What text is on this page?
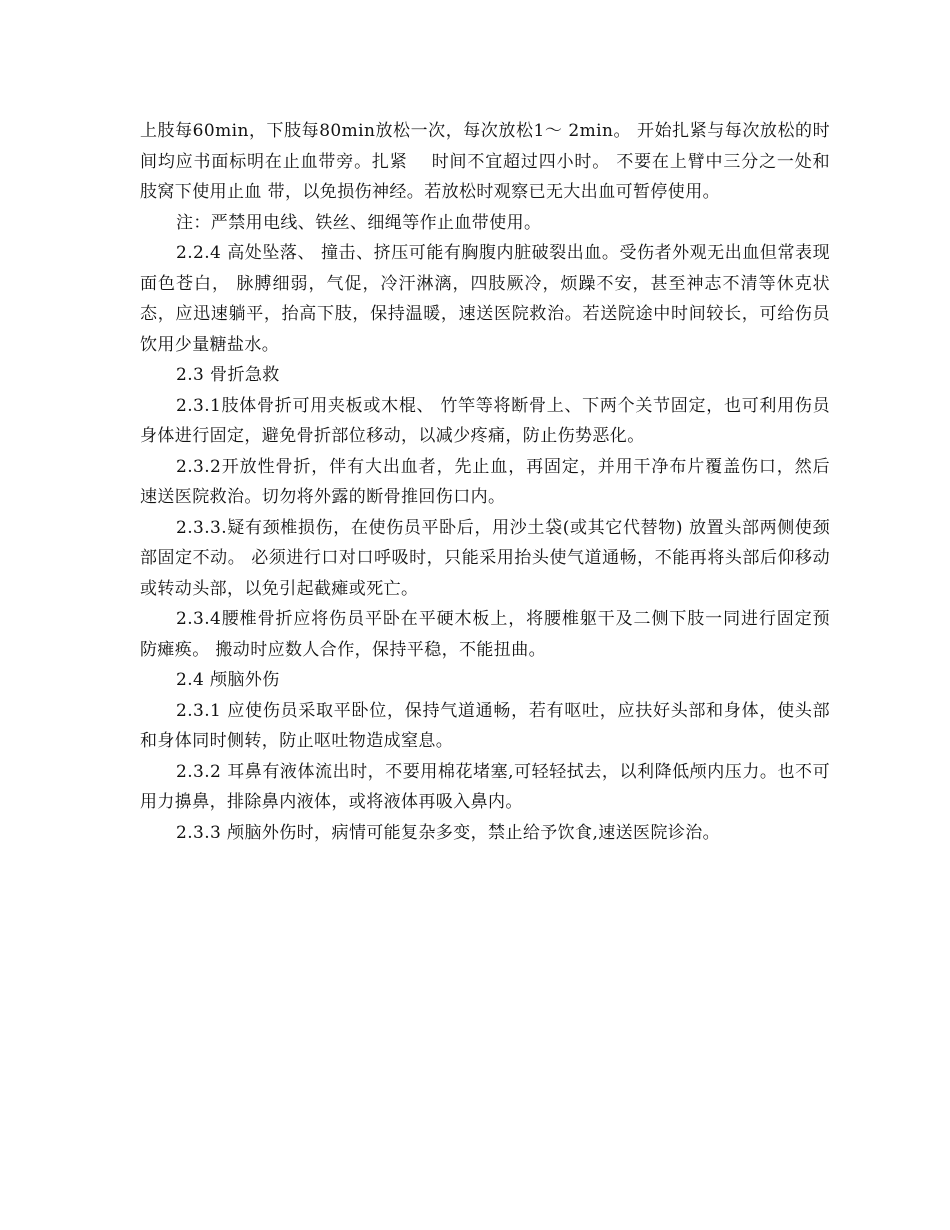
上肢每60min，下肢每80min放松一次，每次放松1～ 2min。 开始扎紧与每次放松的时间均应书面标明在止血带旁。扎紧 　时间不宜超过四小时。 不要在上臂中三分之一处和肢窝下使用止血 带，以免损伤神经。若放松时观察已无大出血可暂停使用。

注：严禁用电线、铁丝、细绳等作止血带使用。

2.2.4 高处坠落、 撞击、挤压可能有胸腹内脏破裂出血。受伤者外观无出血但常表现面色苍白， 脉膊细弱，气促，冷汗淋漓，四肢厥冷，烦躁不安，甚至神志不清等休克状态，应迅速躺平，抬高下肢，保持温暖，速送医院救治。若送院途中时间较长，可给伤员饮用少量糖盐水。

2.3 骨折急救

2.3.1肢体骨折可用夹板或木棍、 竹竿等将断骨上、下两个关节固定，也可利用伤员身体进行固定，避免骨折部位移动，以减少疼痛，防止伤势恶化。

2.3.2开放性骨折，伴有大出血者，先止血，再固定，并用干净布片覆盖伤口，然后速送医院救治。切勿将外露的断骨推回伤口内。

2.3.3.疑有颈椎损伤，在使伤员平卧后，用沙土袋(或其它代替物) 放置头部两侧使颈部固定不动。 必须进行口对口呼吸时，只能采用抬头使气道通畅，不能再将头部后仰移动或转动头部，以免引起截瘫或死亡。

2.3.4腰椎骨折应将伤员平卧在平硬木板上，将腰椎躯干及二侧下肢一同进行固定预防瘫痪。 搬动时应数人合作，保持平稳，不能扭曲。

2.4 颅脑外伤

2.3.1 应使伤员采取平卧位，保持气道通畅，若有呕吐，应扶好头部和身体，使头部和身体同时侧转，防止呕吐物造成窒息。

2.3.2 耳鼻有液体流出时，不要用棉花堵塞,可轻轻拭去，以利降低颅内压力。也不可用力擤鼻，排除鼻内液体，或将液体再吸入鼻内。

2.3.3 颅脑外伤时，病情可能复杂多变，禁止给予饮食,速送医院诊治。
